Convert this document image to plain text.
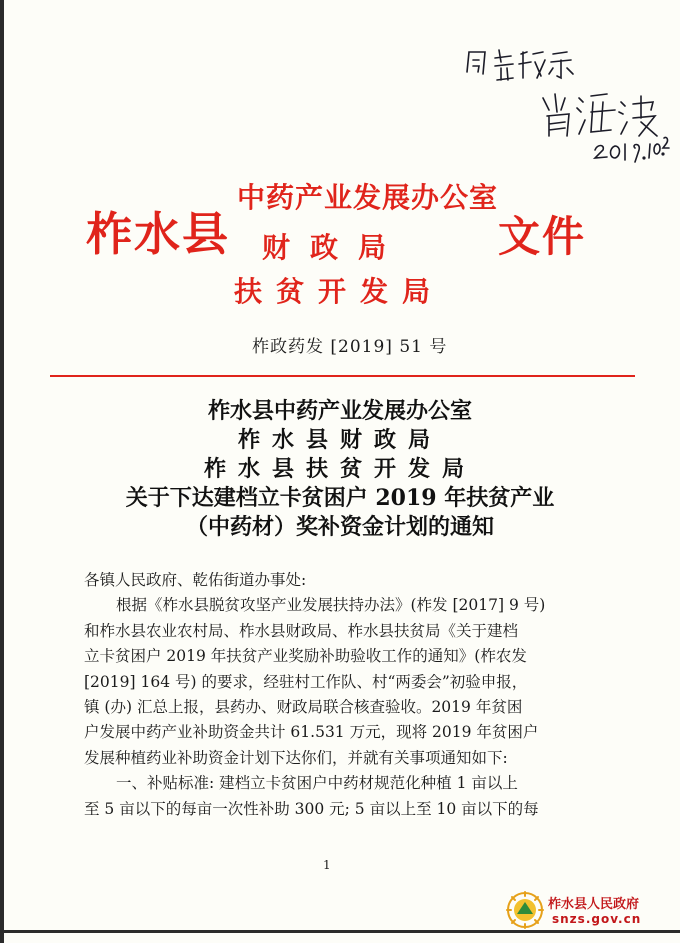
柞水县
中药产业发展办公室
财政局
扶贫开发局
文件
柞政药发 [2019] 51 号
柞水县中药产业发展办公室
柞水县财政局
柞水县扶贫开发局
关于下达建档立卡贫困户 2019 年扶贫产业
（中药材）奖补资金计划的通知

各镇人民政府、乾佑街道办事处:

根据《柞水县脱贫攻坚产业发展扶持办法》(柞发 [2017] 9 号)

和柞水县农业农村局、柞水县财政局、柞水县扶贫局《关于建档

立卡贫困户 2019 年扶贫产业奖励补助验收工作的通知》(柞农发

[2019] 164 号) 的要求，经驻村工作队、村“两委会”初验申报，

镇 (办) 汇总上报，县药办、财政局联合核查验收。2019 年贫困

户发展中药产业补助资金共计 61.531 万元，现将 2019 年贫困户

发展种植药业补助资金计划下达你们，并就有关事项通知如下:

一、补贴标准: 建档立卡贫困户中药材规范化种植 1 亩以上

至 5 亩以下的每亩一次性补助 300 元; 5 亩以上至 10 亩以下的每

1
柞水县人民政府
snzs.gov.cn
